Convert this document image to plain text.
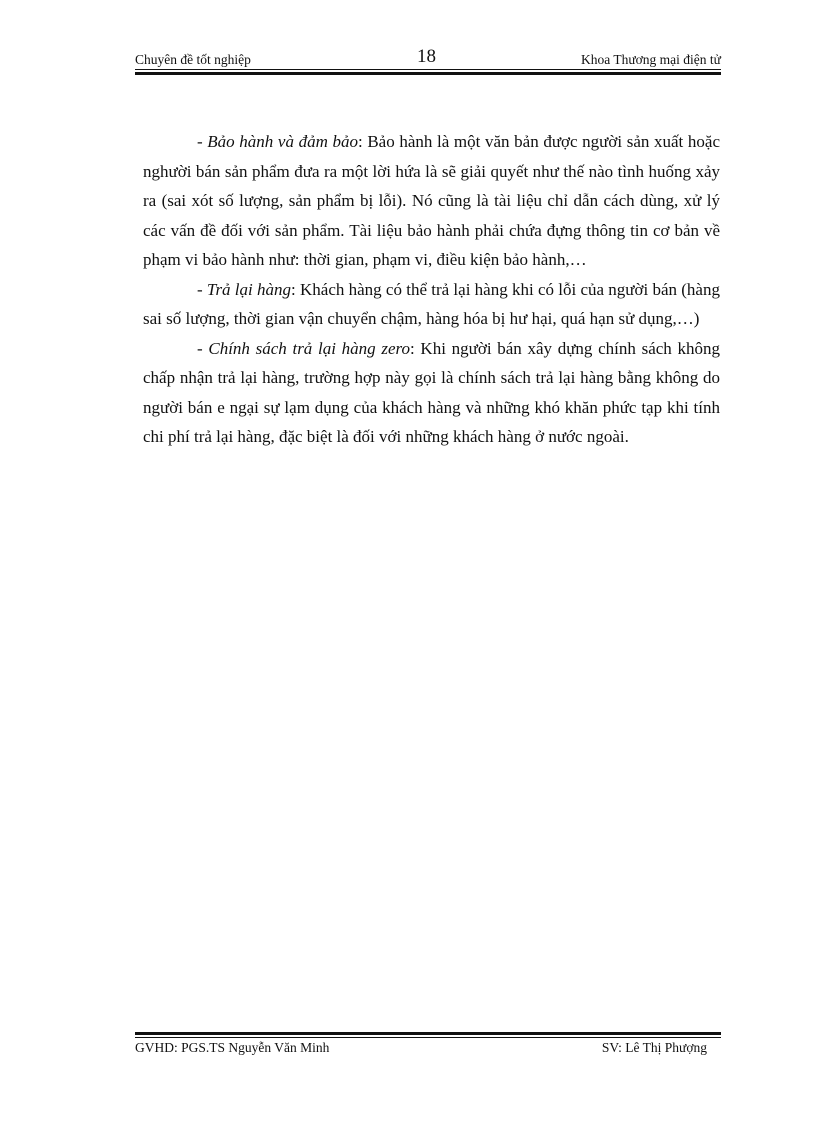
Chuyên đề tốt nghiệp	18	Khoa Thương mại điện tử

- Bảo hành và đảm bảo: Bảo hành là một văn bản được người sản xuất hoặc nghười bán sản phẩm đưa ra một lời hứa là sẽ giải quyết như thế nào tình huống xảy ra (sai xót số lượng, sản phẩm bị lỗi). Nó cũng là tài liệu chỉ dẫn cách dùng, xử lý các vấn đề đối với sản phẩm. Tài liệu bảo hành phải chứa đựng thông tin cơ bản về phạm vi bảo hành như: thời gian, phạm vi, điều kiện bảo hành,…

- Trả lại hàng: Khách hàng có thể trả lại hàng khi có lỗi của người bán (hàng sai số lượng, thời gian vận chuyển chậm, hàng hóa bị hư hại, quá hạn sử dụng,…)

- Chính sách trả lại hàng zero: Khi người bán xây dựng chính sách không chấp nhận trả lại hàng, trường hợp này gọi là chính sách trả lại hàng bằng không do người bán e ngại sự lạm dụng của khách hàng và những khó khăn phức tạp khi tính chi phí trả lại hàng, đặc biệt là đối với những khách hàng ở nước ngoài.

GVHD: PGS.TS Nguyễn Văn Minh	SV: Lê Thị Phượng
